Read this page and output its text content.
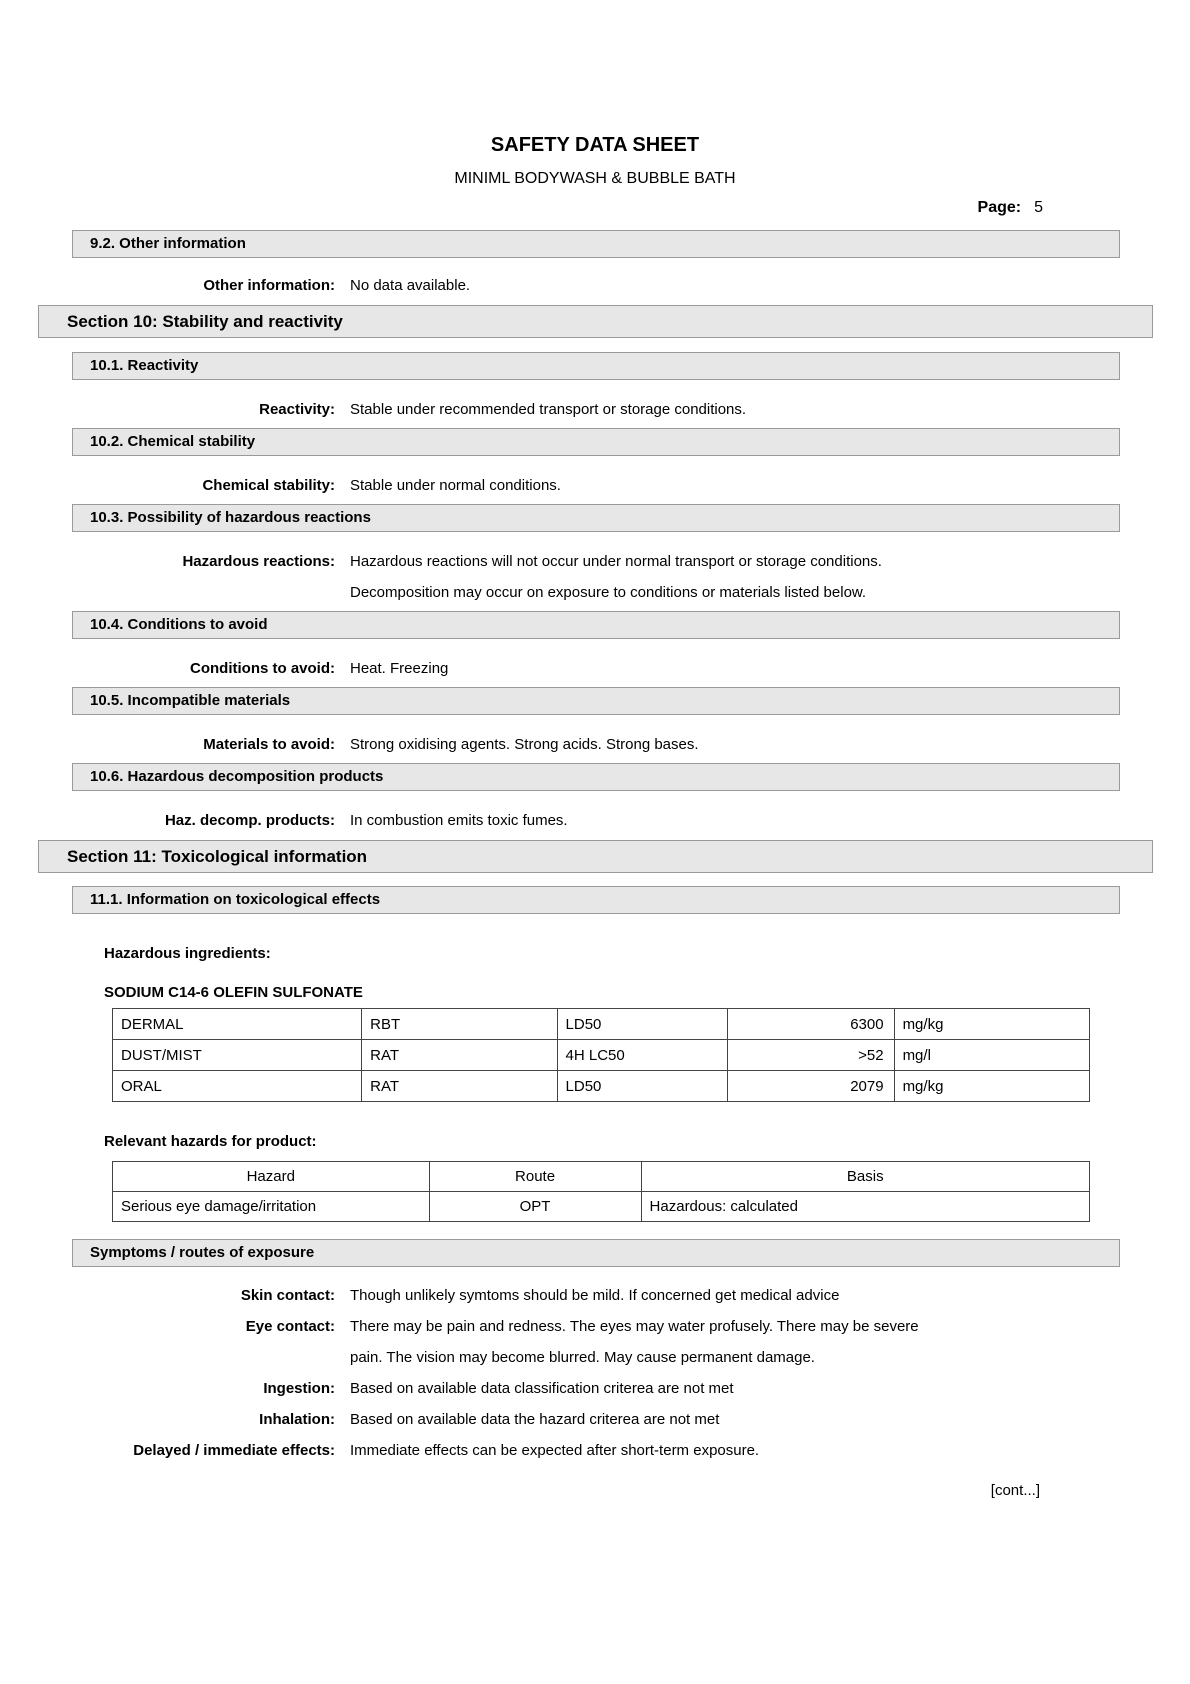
SAFETY DATA SHEET
MINIML BODYWASH & BUBBLE BATH
Page: 5
9.2. Other information
Other information: No data available.
Section 10: Stability and reactivity
10.1. Reactivity
Reactivity: Stable under recommended transport or storage conditions.
10.2. Chemical stability
Chemical stability: Stable under normal conditions.
10.3. Possibility of hazardous reactions
Hazardous reactions: Hazardous reactions will not occur under normal transport or storage conditions.
Decomposition may occur on exposure to conditions or materials listed below.
10.4. Conditions to avoid
Conditions to avoid: Heat. Freezing
10.5. Incompatible materials
Materials to avoid: Strong oxidising agents. Strong acids. Strong bases.
10.6. Hazardous decomposition products
Haz. decomp. products: In combustion emits toxic fumes.
Section 11: Toxicological information
11.1. Information on toxicological effects
Hazardous ingredients:
SODIUM C14-6 OLEFIN SULFONATE
DERMAL	RBT	LD50	6300	mg/kg
DUST/MIST	RAT	4H LC50	>52	mg/l
ORAL	RAT	LD50	2079	mg/kg
Relevant hazards for product:
Hazard	Route	Basis
Serious eye damage/irritation	OPT	Hazardous: calculated
Symptoms / routes of exposure
Skin contact: Though unlikely symtoms should be mild. If concerned get medical advice
Eye contact: There may be pain and redness. The eyes may water profusely. There may be severe
pain. The vision may become blurred. May cause permanent damage.
Ingestion: Based on available data classification criterea are not met
Inhalation: Based on available data the hazard criterea are not met
Delayed / immediate effects: Immediate effects can be expected after short-term exposure.
[cont...]
